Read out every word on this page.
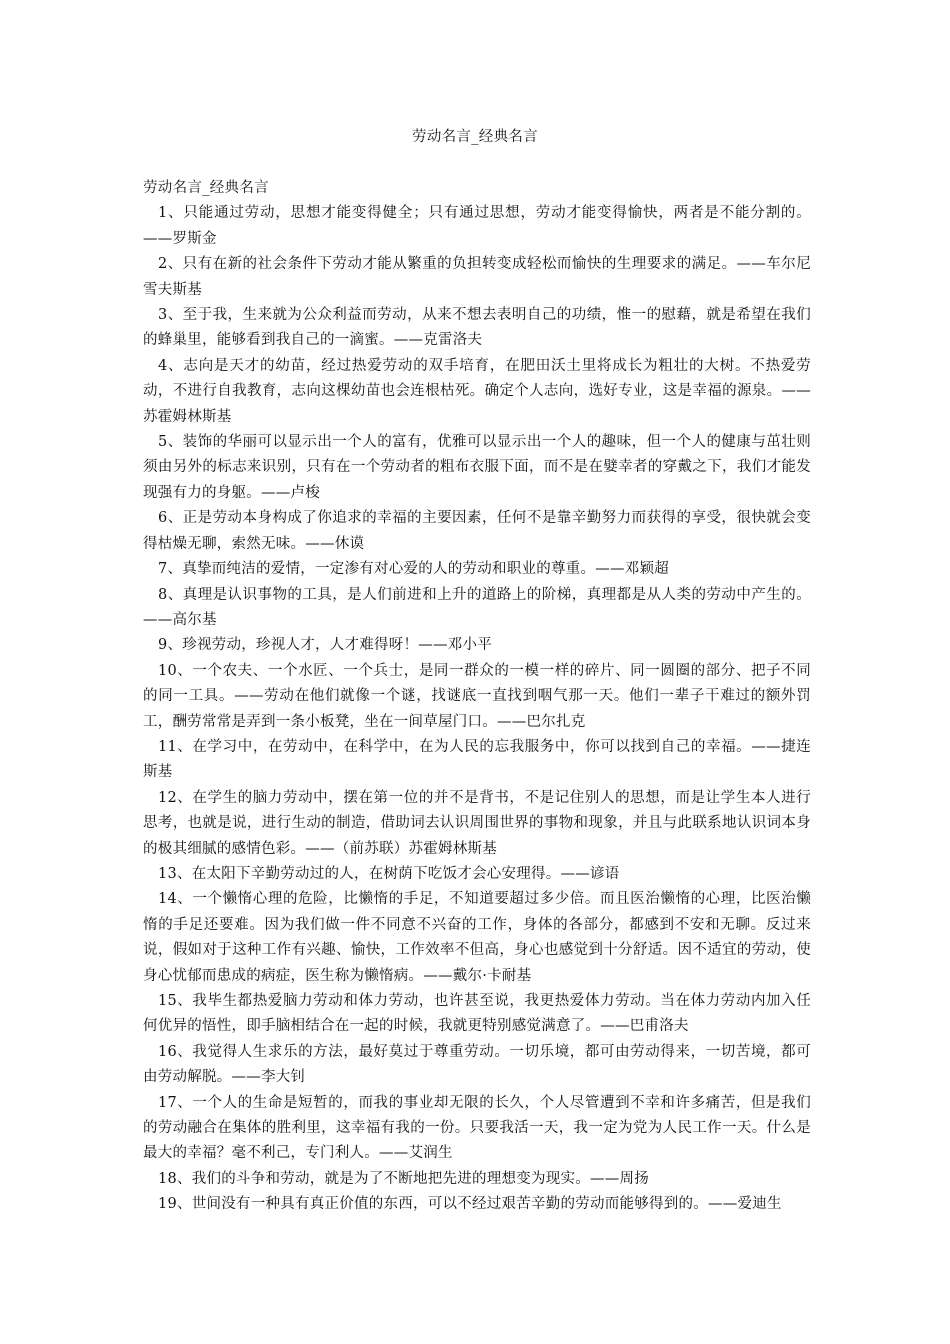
劳动名言_经典名言

劳动名言_经典名言

1、只能通过劳动，思想才能变得健全；只有通过思想，劳动才能变得愉快，两者是不能分割的。——罗斯金

2、只有在新的社会条件下劳动才能从繁重的负担转变成轻松而愉快的生理要求的满足。——车尔尼雪夫斯基

3、至于我，生来就为公众利益而劳动，从来不想去表明自己的功绩，惟一的慰藉，就是希望在我们的蜂巢里，能够看到我自己的一滴蜜。——克雷洛夫

4、志向是天才的幼苗，经过热爱劳动的双手培育，在肥田沃土里将成长为粗壮的大树。不热爱劳动，不进行自我教育，志向这棵幼苗也会连根枯死。确定个人志向，选好专业，这是幸福的源泉。——苏霍姆林斯基

5、装饰的华丽可以显示出一个人的富有，优雅可以显示出一个人的趣味，但一个人的健康与茁壮则须由另外的标志来识别，只有在一个劳动者的粗布衣服下面，而不是在嬖幸者的穿戴之下，我们才能发现强有力的身躯。——卢梭

6、正是劳动本身构成了你追求的幸福的主要因素，任何不是靠辛勤努力而获得的享受，很快就会变得枯燥无聊，索然无味。——休谟

7、真挚而纯洁的爱情，一定渗有对心爱的人的劳动和职业的尊重。——邓颖超

8、真理是认识事物的工具，是人们前进和上升的道路上的阶梯，真理都是从人类的劳动中产生的。——高尔基

9、珍视劳动，珍视人才，人才难得呀！——邓小平

10、一个农夫、一个水匠、一个兵士，是同一群众的一模一样的碎片、同一圆圈的部分、把子不同的同一工具。——劳动在他们就像一个谜，找谜底一直找到咽气那一天。他们一辈子干难过的额外罚工，酬劳常常是弄到一条小板凳，坐在一间草屋门口。——巴尔扎克

11、在学习中，在劳动中，在科学中，在为人民的忘我服务中，你可以找到自己的幸福。——捷连斯基

12、在学生的脑力劳动中，摆在第一位的并不是背书，不是记住别人的思想，而是让学生本人进行思考，也就是说，进行生动的制造，借助词去认识周围世界的事物和现象，并且与此联系地认识词本身的极其细腻的感情色彩。——（前苏联）苏霍姆林斯基

13、在太阳下辛勤劳动过的人，在树荫下吃饭才会心安理得。——谚语

14、一个懒惰心理的危险，比懒惰的手足，不知道要超过多少倍。而且医治懒惰的心理，比医治懒惰的手足还要难。因为我们做一件不同意不兴奋的工作，身体的各部分，都感到不安和无聊。反过来说，假如对于这种工作有兴趣、愉快，工作效率不但高，身心也感觉到十分舒适。因不适宜的劳动，使身心忧郁而患成的病症，医生称为懒惰病。——戴尔·卡耐基

15、我毕生都热爱脑力劳动和体力劳动，也许甚至说，我更热爱体力劳动。当在体力劳动内加入任何优异的悟性，即手脑相结合在一起的时候，我就更特别感觉满意了。——巴甫洛夫

16、我觉得人生求乐的方法，最好莫过于尊重劳动。一切乐境，都可由劳动得来，一切苦境，都可由劳动解脱。——李大钊

17、一个人的生命是短暂的，而我的事业却无限的长久，个人尽管遭到不幸和许多痛苦，但是我们的劳动融合在集体的胜利里，这幸福有我的一份。只要我活一天，我一定为党为人民工作一天。什么是最大的幸福？毫不利己，专门利人。——艾润生

18、我们的斗争和劳动，就是为了不断地把先进的理想变为现实。——周扬

19、世间没有一种具有真正价值的东西，可以不经过艰苦辛勤的劳动而能够得到的。——爱迪生
